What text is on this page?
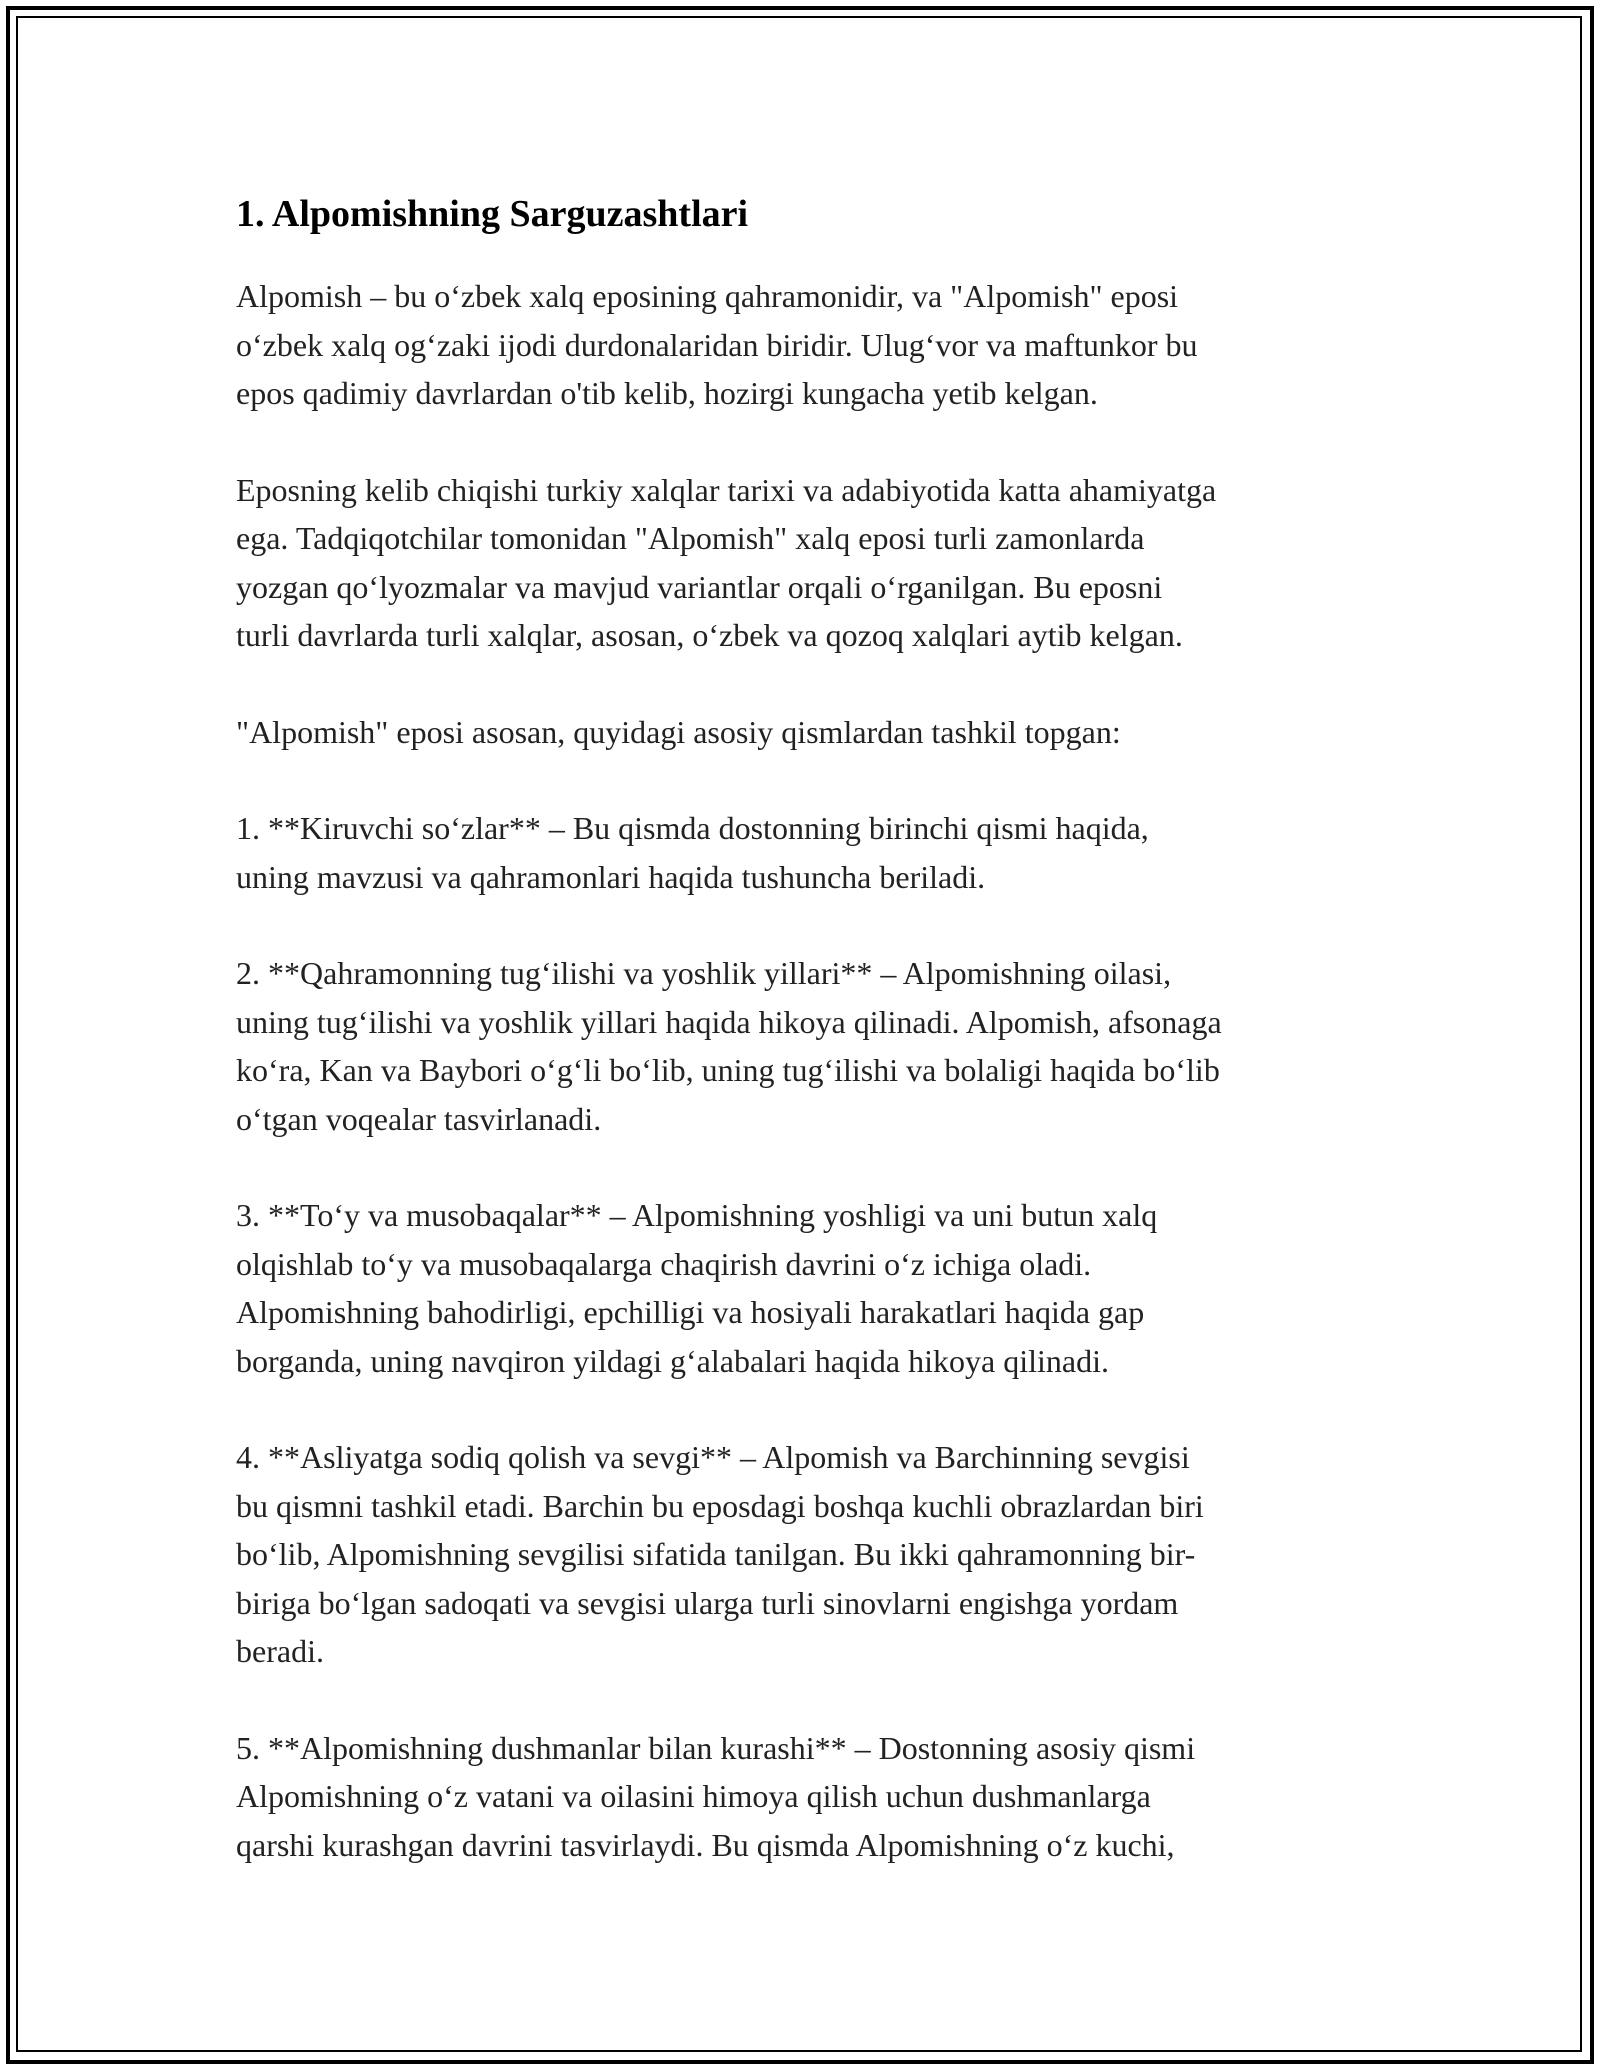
1. Alpomishning Sarguzashtlari

Alpomish – bu o‘zbek xalq eposining qahramonidir, va "Alpomish" eposi
o‘zbek xalq og‘zaki ijodi durdonalaridan biridir. Ulug‘vor va maftunkor bu
epos qadimiy davrlardan o'tib kelib, hozirgi kungacha yetib kelgan.

Eposning kelib chiqishi turkiy xalqlar tarixi va adabiyotida katta ahamiyatga
ega. Tadqiqotchilar tomonidan "Alpomish" xalq eposi turli zamonlarda
yozgan qo‘lyozmalar va mavjud variantlar orqali o‘rganilgan. Bu eposni
turli davrlarda turli xalqlar, asosan, o‘zbek va qozoq xalqlari aytib kelgan.

"Alpomish" eposi asosan, quyidagi asosiy qismlardan tashkil topgan:

1. **Kiruvchi so‘zlar** – Bu qismda dostonning birinchi qismi haqida,
uning mavzusi va qahramonlari haqida tushuncha beriladi.

2. **Qahramonning tug‘ilishi va yoshlik yillari** – Alpomishning oilasi,
uning tug‘ilishi va yoshlik yillari haqida hikoya qilinadi. Alpomish, afsonaga
ko‘ra, Kan va Baybori o‘g‘li bo‘lib, uning tug‘ilishi va bolaligi haqida bo‘lib
o‘tgan voqealar tasvirlanadi.

3. **To‘y va musobaqalar** – Alpomishning yoshligi va uni butun xalq
olqishlab to‘y va musobaqalarga chaqirish davrini o‘z ichiga oladi.
Alpomishning bahodirligi, epchilligi va hosiyali harakatlari haqida gap
borganda, uning navqiron yildagi g‘alabalari haqida hikoya qilinadi.

4. **Asliyatga sodiq qolish va sevgi** – Alpomish va Barchinning sevgisi
bu qismni tashkil etadi. Barchin bu eposdagi boshqa kuchli obrazlardan biri
bo‘lib, Alpomishning sevgilisi sifatida tanilgan. Bu ikki qahramonning bir-
biriga bo‘lgan sadoqati va sevgisi ularga turli sinovlarni engishga yordam
beradi.

5. **Alpomishning dushmanlar bilan kurashi** – Dostonning asosiy qismi
Alpomishning o‘z vatani va oilasini himoya qilish uchun dushmanlarga
qarshi kurashgan davrini tasvirlaydi. Bu qismda Alpomishning o‘z kuchi,
